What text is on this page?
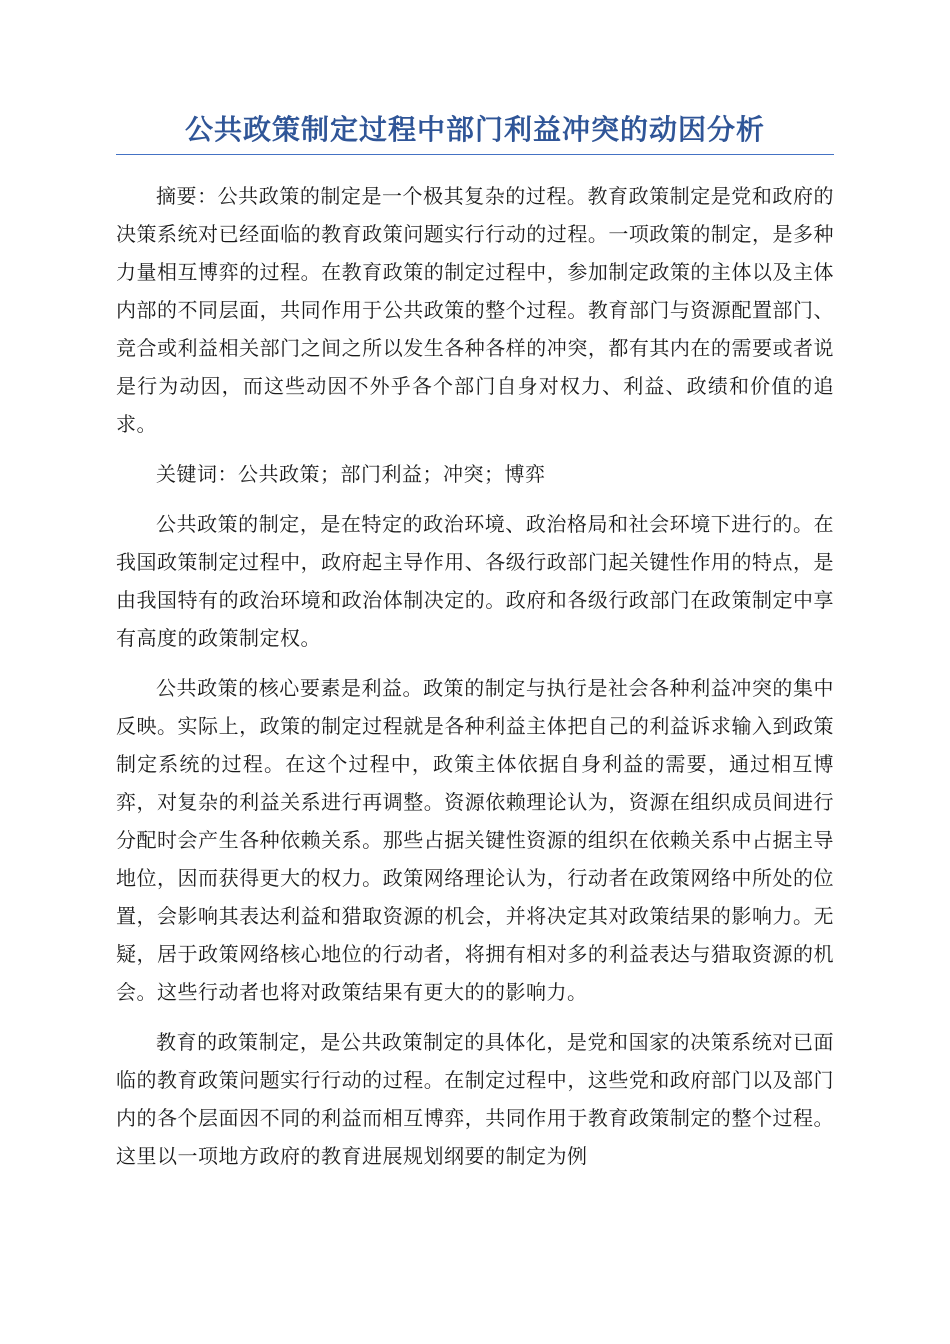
公共政策制定过程中部门利益冲突的动因分析

摘要：公共政策的制定是一个极其复杂的过程。教育政策制定是党和政府的决策系统对已经面临的教育政策问题实行行动的过程。一项政策的制定，是多种力量相互博弈的过程。在教育政策的制定过程中，参加制定政策的主体以及主体内部的不同层面，共同作用于公共政策的整个过程。教育部门与资源配置部门、竞合或利益相关部门之间之所以发生各种各样的冲突，都有其内在的需要或者说是行为动因，而这些动因不外乎各个部门自身对权力、利益、政绩和价值的追求。

关键词：公共政策；部门利益；冲突；博弈

公共政策的制定，是在特定的政治环境、政治格局和社会环境下进行的。在我国政策制定过程中，政府起主导作用、各级行政部门起关键性作用的特点，是由我国特有的政治环境和政治体制决定的。政府和各级行政部门在政策制定中享有高度的政策制定权。

公共政策的核心要素是利益。政策的制定与执行是社会各种利益冲突的集中反映。实际上，政策的制定过程就是各种利益主体把自己的利益诉求输入到政策制定系统的过程。在这个过程中，政策主体依据自身利益的需要，通过相互博弈，对复杂的利益关系进行再调整。资源依赖理论认为，资源在组织成员间进行分配时会产生各种依赖关系。那些占据关键性资源的组织在依赖关系中占据主导地位，因而获得更大的权力。政策网络理论认为，行动者在政策网络中所处的位置，会影响其表达利益和猎取资源的机会，并将决定其对政策结果的影响力。无疑，居于政策网络核心地位的行动者，将拥有相对多的利益表达与猎取资源的机会。这些行动者也将对政策结果有更大的的影响力。

教育的政策制定，是公共政策制定的具体化，是党和国家的决策系统对已面临的教育政策问题实行行动的过程。在制定过程中，这些党和政府部门以及部门内的各个层面因不同的利益而相互博弈，共同作用于教育政策制定的整个过程。这里以一项地方政府的教育进展规划纲要的制定为例
